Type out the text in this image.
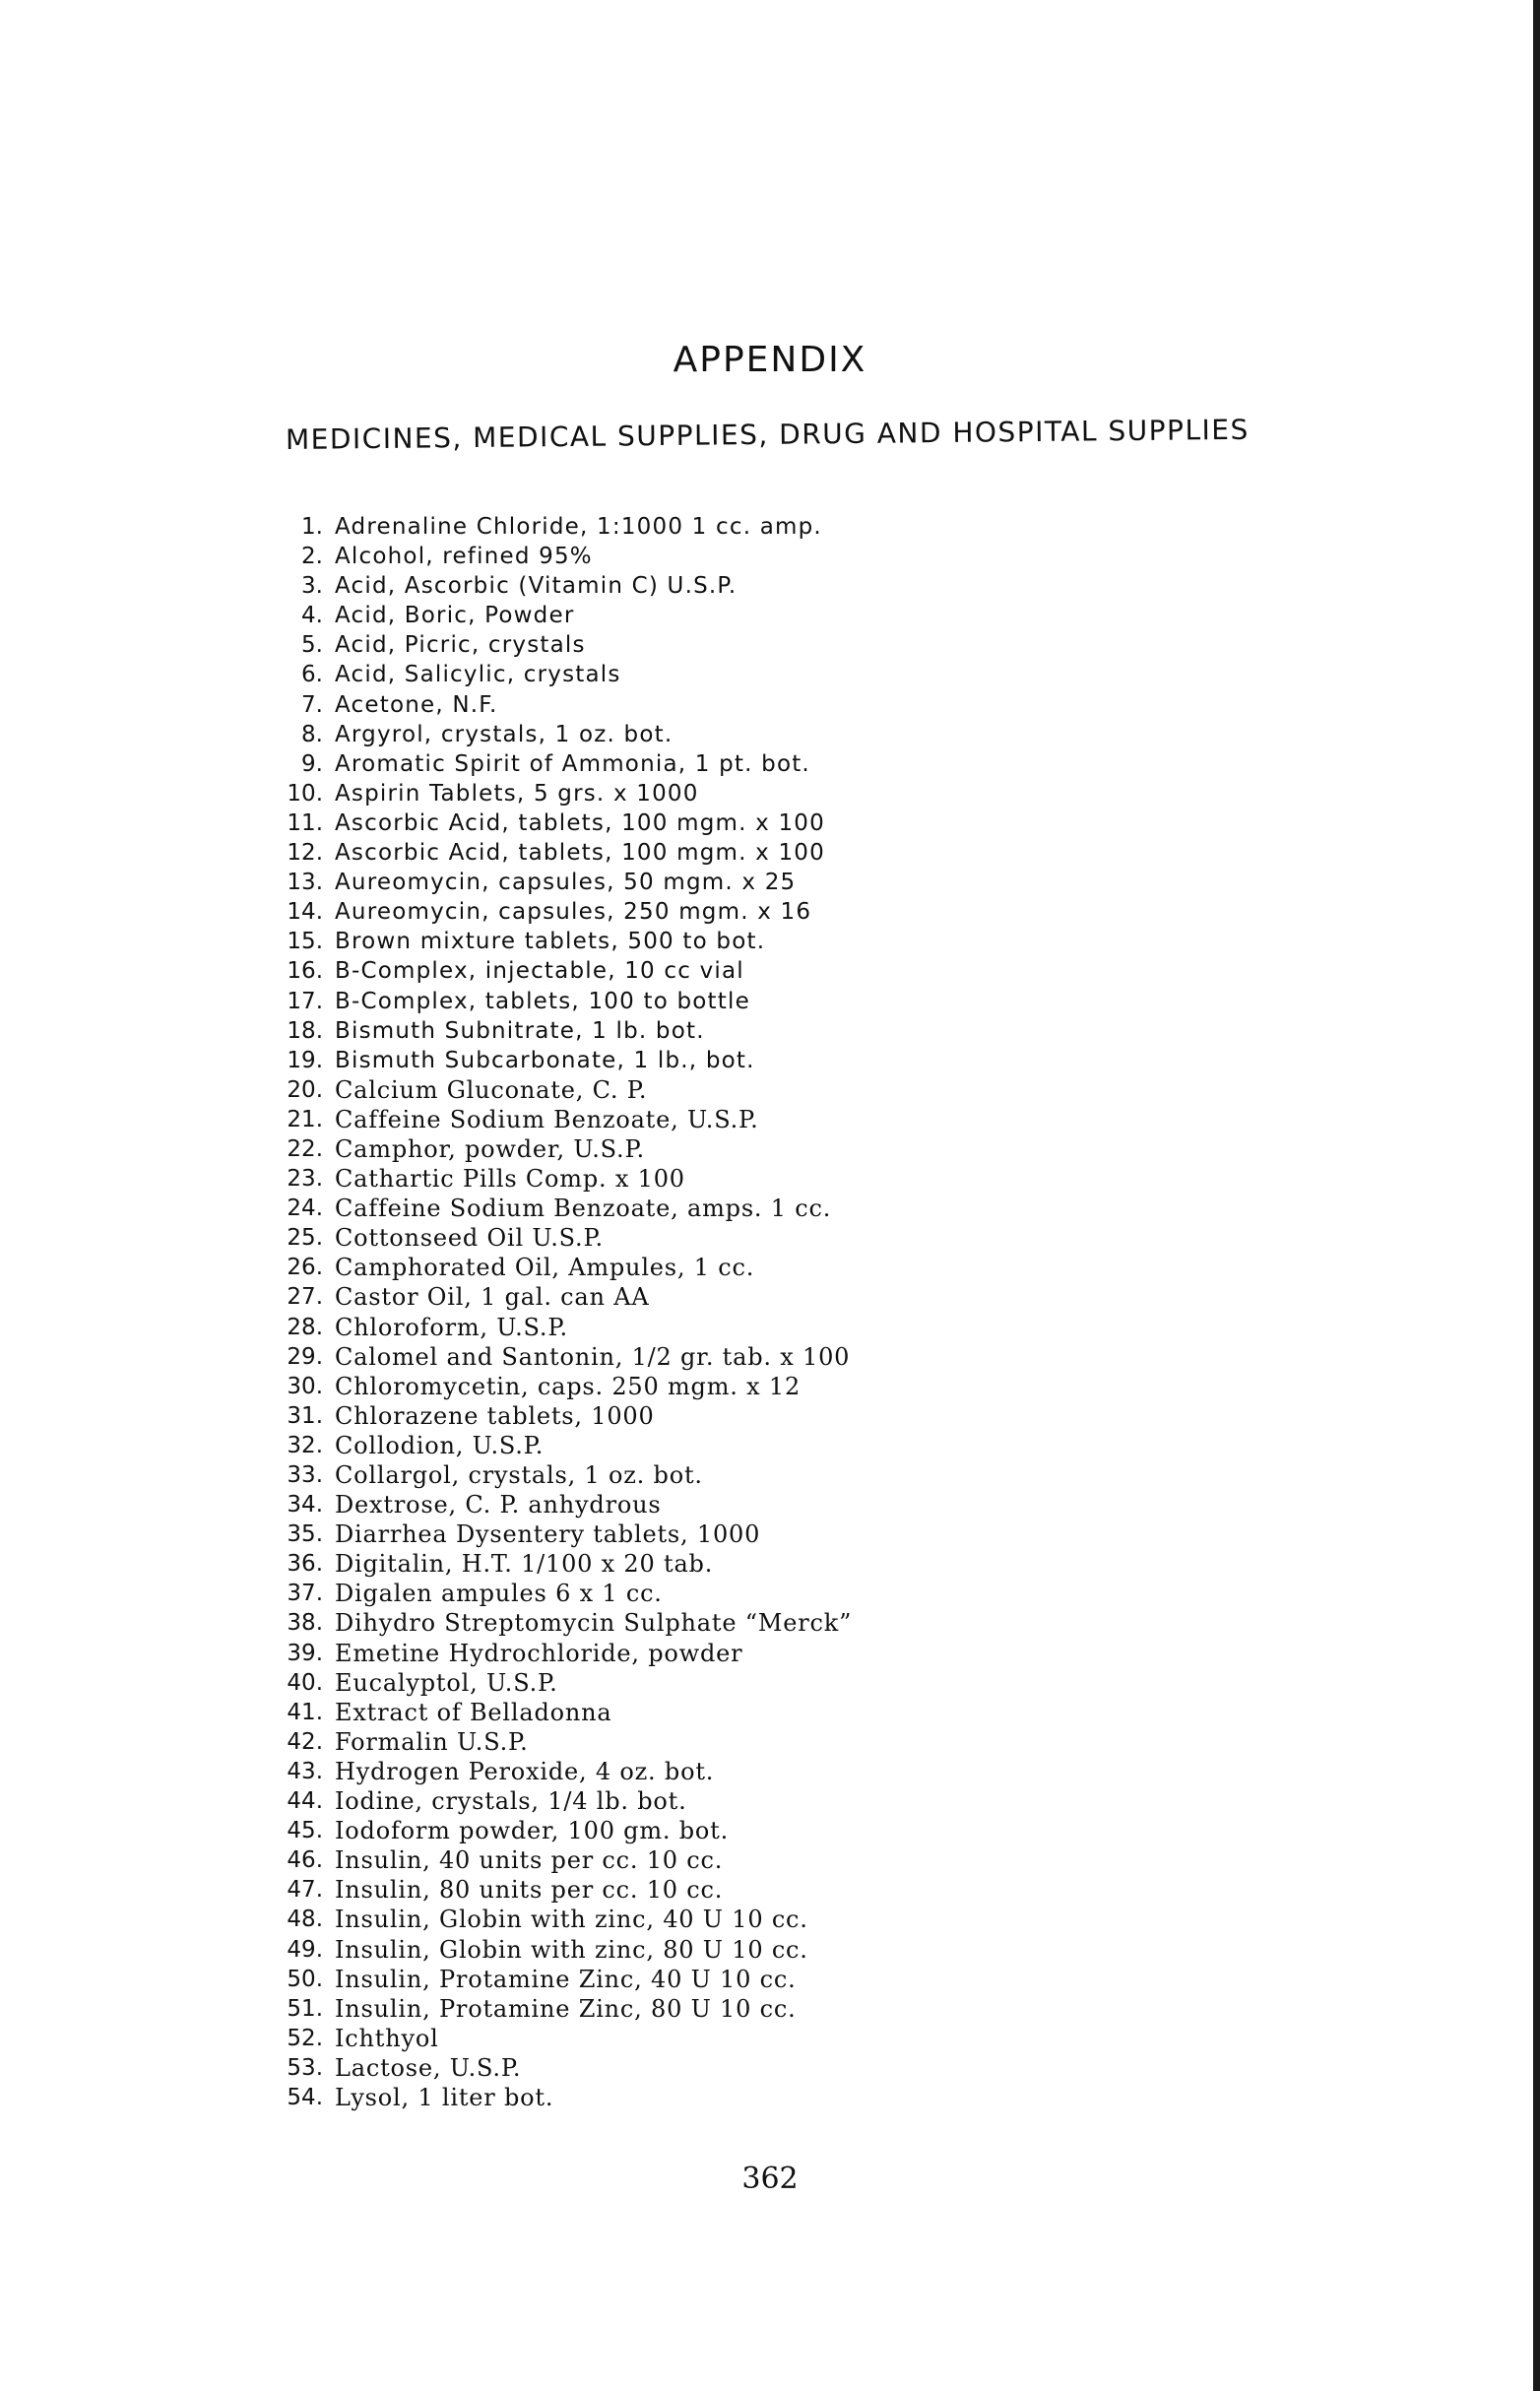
APPENDIX
MEDICINES, MEDICAL SUPPLIES, DRUG AND HOSPITAL SUPPLIES
1. Adrenaline Chloride, 1:1000 1 cc. amp.
2. Alcohol, refined 95%
3. Acid, Ascorbic (Vitamin C) U.S.P.
4. Acid, Boric, Powder
5. Acid, Picric, crystals
6. Acid, Salicylic, crystals
7. Acetone, N.F.
8. Argyrol, crystals, 1 oz. bot.
9. Aromatic Spirit of Ammonia, 1 pt. bot.
10. Aspirin Tablets, 5 grs. x 1000
11. Ascorbic Acid, tablets, 100 mgm. x 100
12. Ascorbic Acid, tablets, 100 mgm. x 100
13. Aureomycin, capsules, 50 mgm. x 25
14. Aureomycin, capsules, 250 mgm. x 16
15. Brown mixture tablets, 500 to bot.
16. B-Complex, injectable, 10 cc vial
17. B-Complex, tablets, 100 to bottle
18. Bismuth Subnitrate, 1 lb. bot.
19. Bismuth Subcarbonate, 1 lb., bot.
20. Calcium Gluconate, C. P.
21. Caffeine Sodium Benzoate, U.S.P.
22. Camphor, powder, U.S.P.
23. Cathartic Pills Comp. x 100
24. Caffeine Sodium Benzoate, amps. 1 cc.
25. Cottonseed Oil U.S.P.
26. Camphorated Oil, Ampules, 1 cc.
27. Castor Oil, 1 gal. can AA
28. Chloroform, U.S.P.
29. Calomel and Santonin, 1/2 gr. tab. x 100
30. Chloromycetin, caps. 250 mgm. x 12
31. Chlorazene tablets, 1000
32. Collodion, U.S.P.
33. Collargol, crystals, 1 oz. bot.
34. Dextrose, C. P. anhydrous
35. Diarrhea Dysentery tablets, 1000
36. Digitalin, H.T. 1/100 x 20 tab.
37. Digalen ampules 6 x 1 cc.
38. Dihydro Streptomycin Sulphate “Merck”
39. Emetine Hydrochloride, powder
40. Eucalyptol, U.S.P.
41. Extract of Belladonna
42. Formalin U.S.P.
43. Hydrogen Peroxide, 4 oz. bot.
44. Iodine, crystals, 1/4 lb. bot.
45. Iodoform powder, 100 gm. bot.
46. Insulin, 40 units per cc. 10 cc.
47. Insulin, 80 units per cc. 10 cc.
48. Insulin, Globin with zinc, 40 U 10 cc.
49. Insulin, Globin with zinc, 80 U 10 cc.
50. Insulin, Protamine Zinc, 40 U 10 cc.
51. Insulin, Protamine Zinc, 80 U 10 cc.
52. Ichthyol
53. Lactose, U.S.P.
54. Lysol, 1 liter bot.
362
